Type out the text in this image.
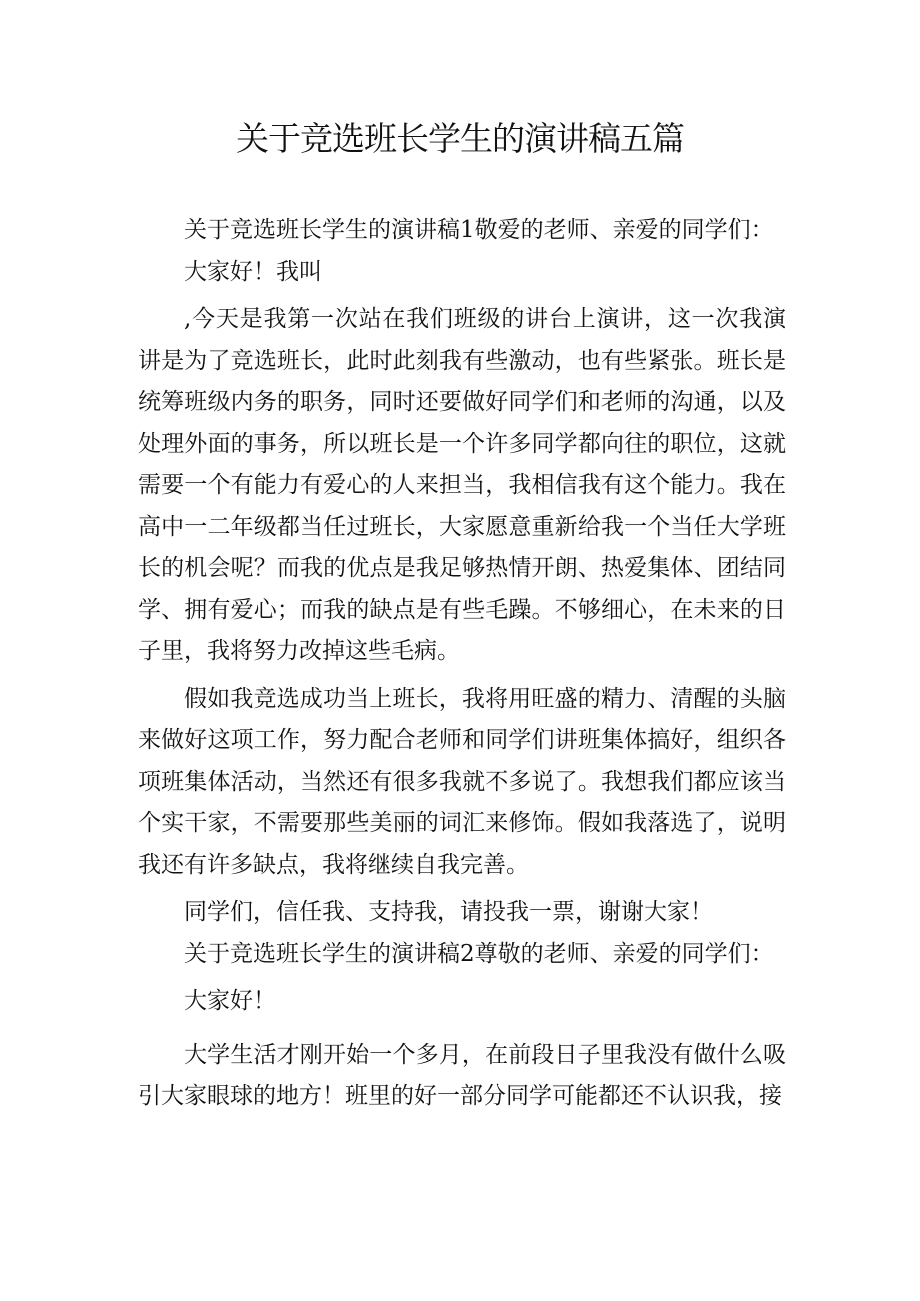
关于竞选班长学生的演讲稿五篇

关于竞选班长学生的演讲稿1敬爱的老师、亲爱的同学们：

大家好！我叫

,今天是我第一次站在我们班级的讲台上演讲，这一次我演讲是为了竞选班长，此时此刻我有些激动，也有些紧张。班长是统筹班级内务的职务，同时还要做好同学们和老师的沟通，以及处理外面的事务，所以班长是一个许多同学都向往的职位，这就需要一个有能力有爱心的人来担当，我相信我有这个能力。我在高中一二年级都当任过班长，大家愿意重新给我一个当任大学班长的机会呢？而我的优点是我足够热情开朗、热爱集体、团结同学、拥有爱心；而我的缺点是有些毛躁。不够细心，在未来的日子里，我将努力改掉这些毛病。

假如我竞选成功当上班长，我将用旺盛的精力、清醒的头脑来做好这项工作，努力配合老师和同学们讲班集体搞好，组织各项班集体活动，当然还有很多我就不多说了。我想我们都应该当个实干家，不需要那些美丽的词汇来修饰。假如我落选了，说明我还有许多缺点，我将继续自我完善。

同学们，信任我、支持我，请投我一票，谢谢大家！

关于竞选班长学生的演讲稿2尊敬的老师、亲爱的同学们：

大家好！

大学生活才刚开始一个多月，在前段日子里我没有做什么吸引大家眼球的地方！班里的好一部分同学可能都还不认识我，接
